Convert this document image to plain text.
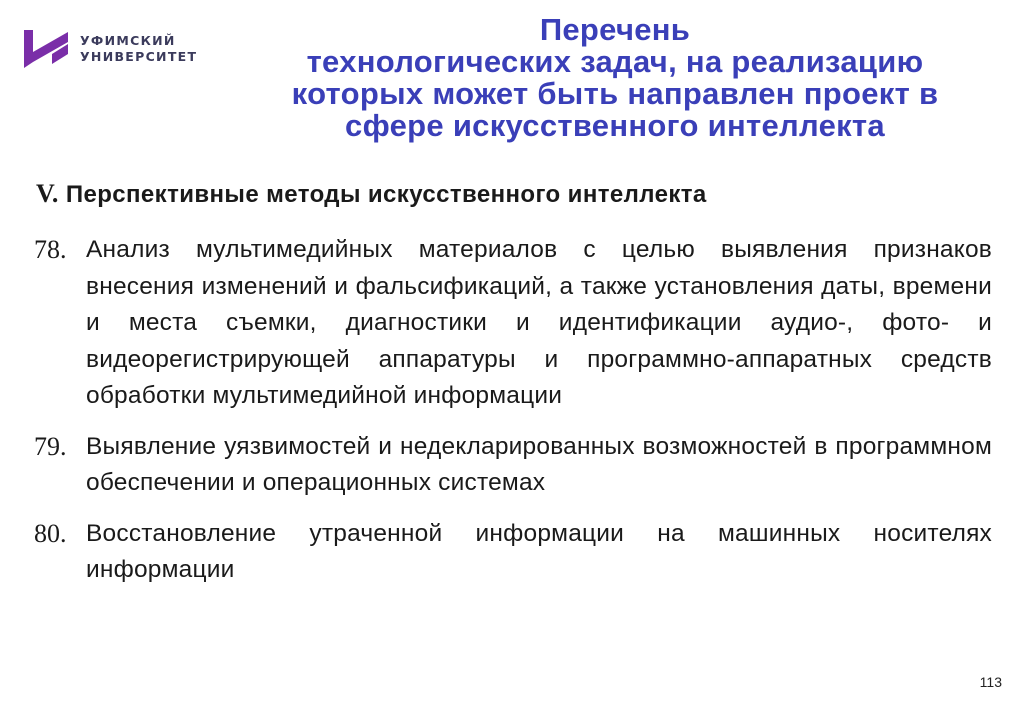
УФИМСКИЙ
УНИВЕРСИТЕТ
Перечень
технологических задач, на реализацию
которых может быть направлен проект в
сфере искусственного интеллекта
V. Перспективные методы искусственного интеллекта
78. Анализ мультимедийных материалов с целью выявления признаков внесения изменений и фальсификаций, а также установления даты, времени и места съемки, диагностики и идентификации аудио-, фото- и видеорегистрирующей аппаратуры и программно-аппаратных средств обработки мультимедийной информации
79. Выявление уязвимостей и недекларированных возможностей в программном обеспечении и операционных системах
80. Восстановление утраченной информации на машинных носителях информации
113
